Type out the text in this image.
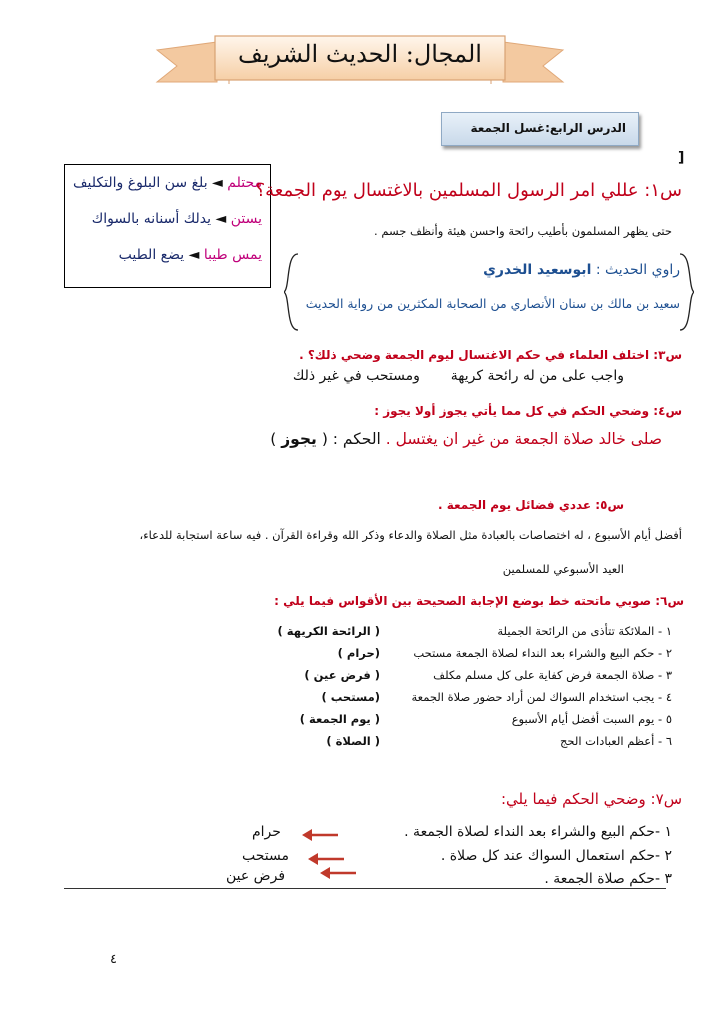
المجال: الحديث الشريف
الدرس الرابع:غسل الجمعة
]
محتلم ◄ بلغ سن البلوغ والتكليف
يستن ◄ يدلك أسنانه بالسواك
يمس طيبا ◄ يضع الطيب
س١: عللي امر الرسول المسلمين بالاغتسال يوم الجمعة؟
حتى يظهر المسلمون بأطيب رائحة واحسن هيئة وأنظف جسم .
راوي الحديث : ابوسعيد الخدري
سعيد بن مالك بن سنان الأنصاري من الصحابة المكثرين من رواية الحديث
س٣: اختلف العلماء في حكم الاغتسال ليوم الجمعة وضحي ذلك؟ .
واجب على من له رائحة كريهة  ومستحب في غير ذلك
س٤: وضحي الحكم في كل مما يأتي يجوز أولا يجوز :
صلى خالد صلاة الجمعة من غير ان يغتسل . الحكم : ( يجوز )
س٥: عددي فضائل يوم الجمعة .
أفضل أيام الأسبوع ، له اختصاصات بالعبادة مثل الصلاة والدعاء وذكر الله وقراءة القرآن . فيه ساعة استجابة للدعاء،
العيد الأسبوعي للمسلمين
س٦: صوبي ماتحته خط بوضع الإجابة الصحيحة بين الأقواس فيما يلي :
١ - الملائكة تتأذى من الرائحة الجميلة
( الرائحة الكريهة )
٢ - حكم البيع والشراء بعد النداء لصلاة الجمعة مستحب
(حرام )
٣ - صلاة الجمعة فرض كفاية على كل مسلم مكلف
( فرض عين )
٤ - يجب استخدام السواك لمن أراد حضور صلاة الجمعة
(مستحب )
٥ - يوم السبت أفضل أيام الأسبوع
( يوم الجمعة )
٦ - أعظم العبادات الحج
( الصلاة )
س٧: وضحي الحكم فيما يلي:
١ -حكم البيع والشراء بعد النداء لصلاة الجمعة .
حرام
٢ -حكم استعمال السواك عند كل صلاة .
مستحب
٣ -حكم صلاة الجمعة .
فرض عين
٤
